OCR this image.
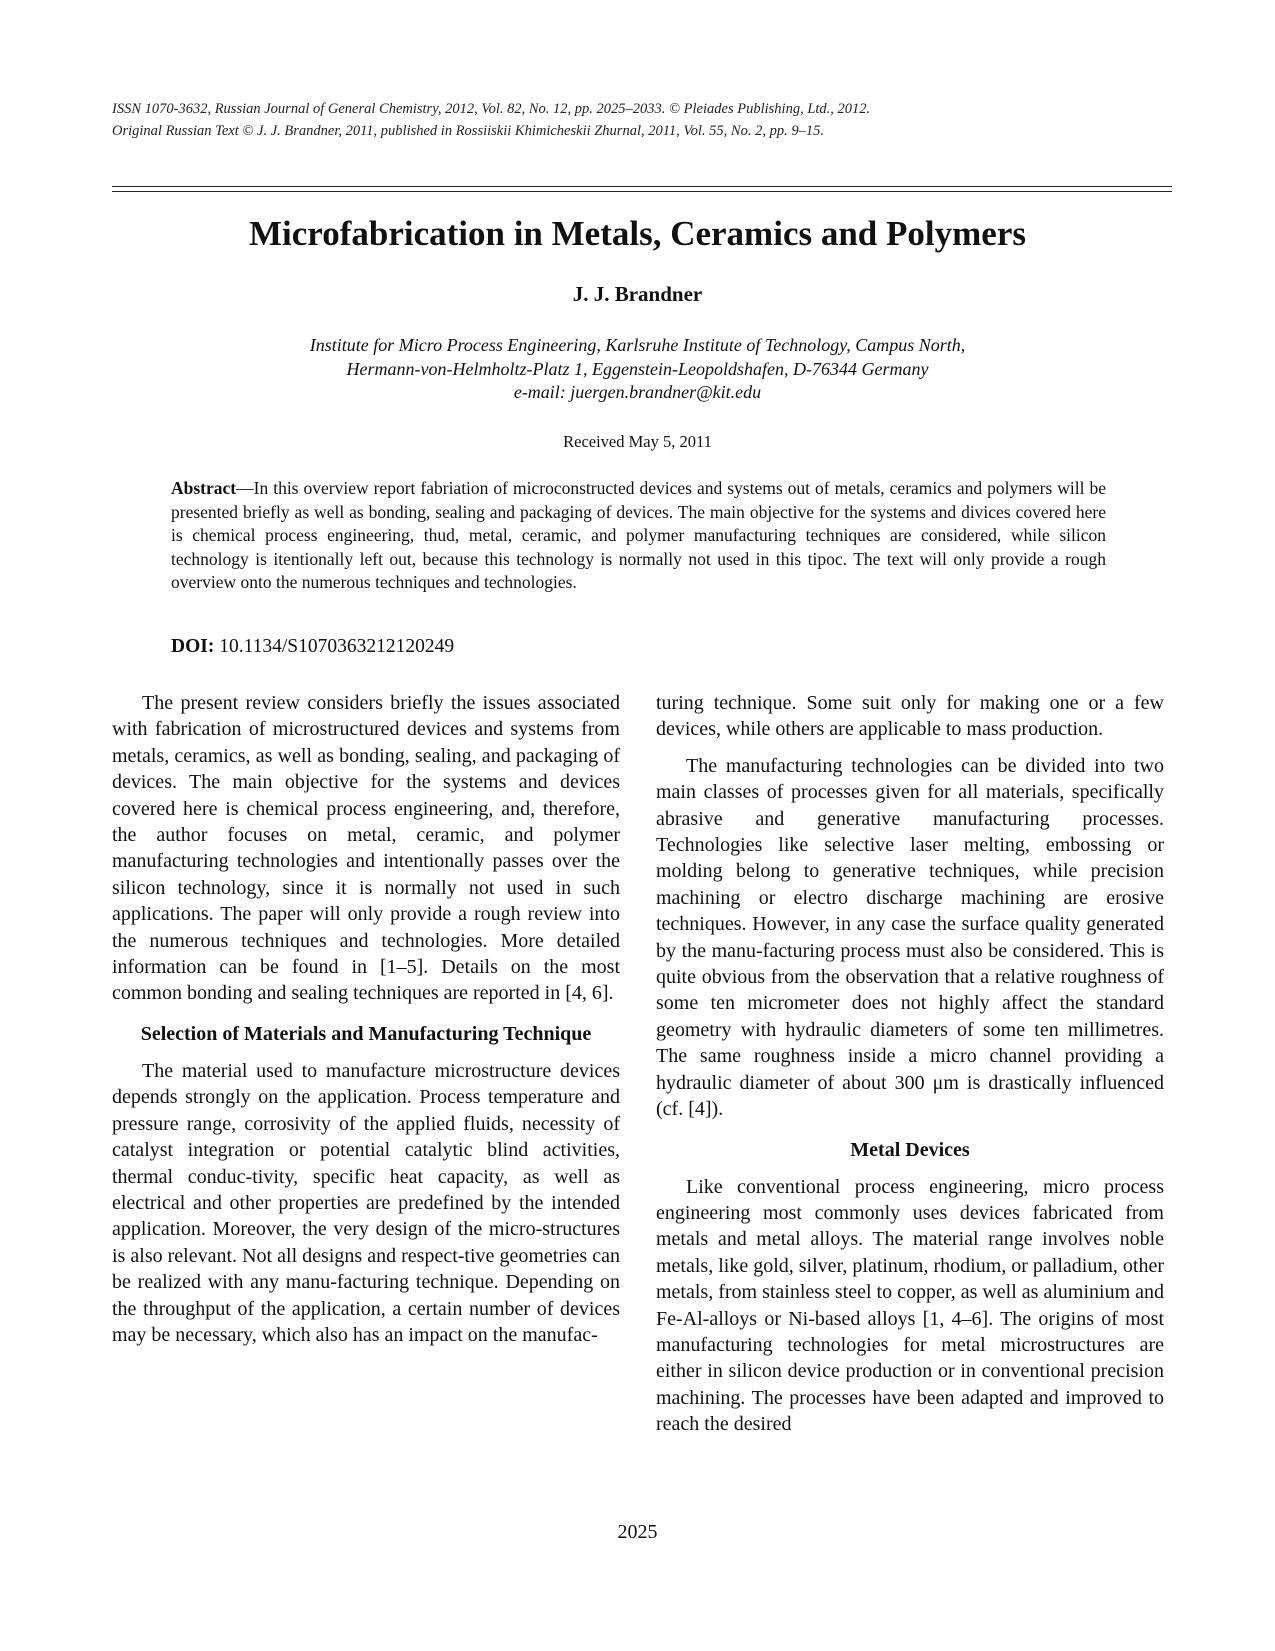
ISSN 1070-3632, Russian Journal of General Chemistry, 2012, Vol. 82, No. 12, pp. 2025–2033. © Pleiades Publishing, Ltd., 2012.
Original Russian Text © J. J. Brandner, 2011, published in Rossiiskii Khimicheskii Zhurnal, 2011, Vol. 55, No. 2, pp. 9–15.
Microfabrication in Metals, Ceramics and Polymers
J. J. Brandner
Institute for Micro Process Engineering, Karlsruhe Institute of Technology, Campus North,
Hermann-von-Helmholtz-Platz 1, Eggenstein-Leopoldshafen, D-76344 Germany
e-mail: juergen.brandner@kit.edu
Received May 5, 2011
Abstract—In this overview report fabriation of microconstructed devices and systems out of metals, ceramics and polymers will be presented briefly as well as bonding, sealing and packaging of devices. The main objective for the systems and divices covered here is chemical process engineering, thud, metal, ceramic, and polymer manufacturing techniques are considered, while silicon technology is itentionally left out, because this technology is normally not used in this tipoc. The text will only provide a rough overview onto the numerous techniques and technologies.
DOI: 10.1134/S1070363212120249

The present review considers briefly the issues associated with fabrication of microstructured devices and systems from metals, ceramics, as well as bonding, sealing, and packaging of devices. The main objective for the systems and devices covered here is chemical process engineering, and, therefore, the author focuses on metal, ceramic, and polymer manufacturing technologies and intentionally passes over the silicon technology, since it is normally not used in such applications. The paper will only provide a rough review into the numerous techniques and technologies. More detailed information can be found in [1–5]. Details on the most common bonding and sealing techniques are reported in [4, 6].

Selection of Materials and Manufacturing Technique

The material used to manufacture microstructure devices depends strongly on the application. Process temperature and pressure range, corrosivity of the applied fluids, necessity of catalyst integration or potential catalytic blind activities, thermal conduc-tivity, specific heat capacity, as well as electrical and other properties are predefined by the intended application. Moreover, the very design of the micro-structures is also relevant. Not all designs and respect-tive geometries can be realized with any manu-facturing technique. Depending on the throughput of the application, a certain number of devices may be necessary, which also has an impact on the manufac-

turing technique. Some suit only for making one or a few devices, while others are applicable to mass production.

The manufacturing technologies can be divided into two main classes of processes given for all materials, specifically abrasive and generative manufacturing processes. Technologies like selective laser melting, embossing or molding belong to generative techniques, while precision machining or electro discharge machining are erosive techniques. However, in any case the surface quality generated by the manu-facturing process must also be considered. This is quite obvious from the observation that a relative roughness of some ten micrometer does not highly affect the standard geometry with hydraulic diameters of some ten millimetres. The same roughness inside a micro channel providing a hydraulic diameter of about 300 μm is drastically influenced (cf. [4]).

Metal Devices

Like conventional process engineering, micro process engineering most commonly uses devices fabricated from metals and metal alloys. The material range involves noble metals, like gold, silver, platinum, rhodium, or palladium, other metals, from stainless steel to copper, as well as aluminium and Fe-Al-alloys or Ni-based alloys [1, 4–6]. The origins of most manufacturing technologies for metal microstructures are either in silicon device production or in conventional precision machining. The processes have been adapted and improved to reach the desired

2025
